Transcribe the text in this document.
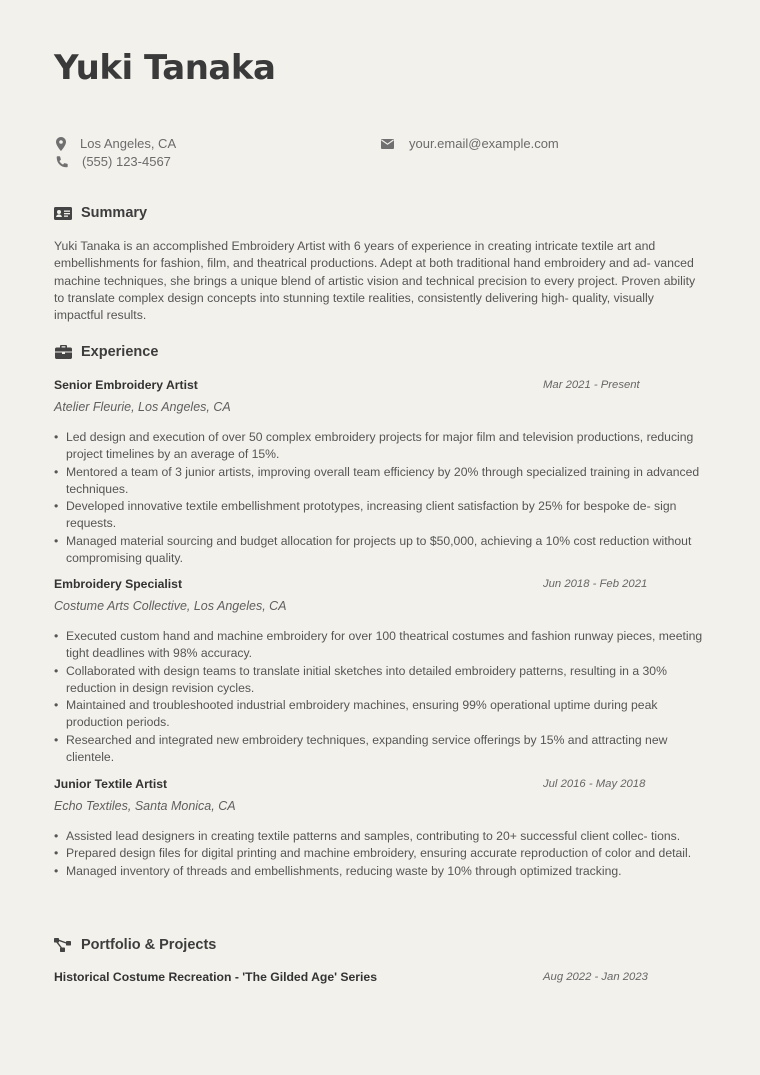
Yuki Tanaka
Los Angeles, CA
(555) 123-4567
your.email@example.com
Summary

Yuki Tanaka is an accomplished Embroidery Artist with 6 years of experience in creating intricate textile art and embellishments for fashion, film, and theatrical productions. Adept at both traditional hand embroidery and ad- vanced machine techniques, she brings a unique blend of artistic vision and technical precision to every project. Proven ability to translate complex design concepts into stunning textile realities, consistently delivering high- quality, visually impactful results.

Experience
Senior Embroidery Artist	Mar 2021 - Present
Atelier Fleurie, Los Angeles, CA
• Led design and execution of over 50 complex embroidery projects for major film and television productions, reducing project timelines by an average of 15%.
• Mentored a team of 3 junior artists, improving overall team efficiency by 20% through specialized training in advanced techniques.
• Developed innovative textile embellishment prototypes, increasing client satisfaction by 25% for bespoke de- sign requests.
• Managed material sourcing and budget allocation for projects up to $50,000, achieving a 10% cost reduction without compromising quality.
Embroidery Specialist	Jun 2018 - Feb 2021
Costume Arts Collective, Los Angeles, CA
• Executed custom hand and machine embroidery for over 100 theatrical costumes and fashion runway pieces, meeting tight deadlines with 98% accuracy.
• Collaborated with design teams to translate initial sketches into detailed embroidery patterns, resulting in a 30% reduction in design revision cycles.
• Maintained and troubleshooted industrial embroidery machines, ensuring 99% operational uptime during peak production periods.
• Researched and integrated new embroidery techniques, expanding service offerings by 15% and attracting new clientele.
Junior Textile Artist	Jul 2016 - May 2018
Echo Textiles, Santa Monica, CA
• Assisted lead designers in creating textile patterns and samples, contributing to 20+ successful client collec- tions.
• Prepared design files for digital printing and machine embroidery, ensuring accurate reproduction of color and detail.
• Managed inventory of threads and embellishments, reducing waste by 10% through optimized tracking.
Portfolio & Projects
Historical Costume Recreation - 'The Gilded Age' Series	Aug 2022 - Jan 2023
